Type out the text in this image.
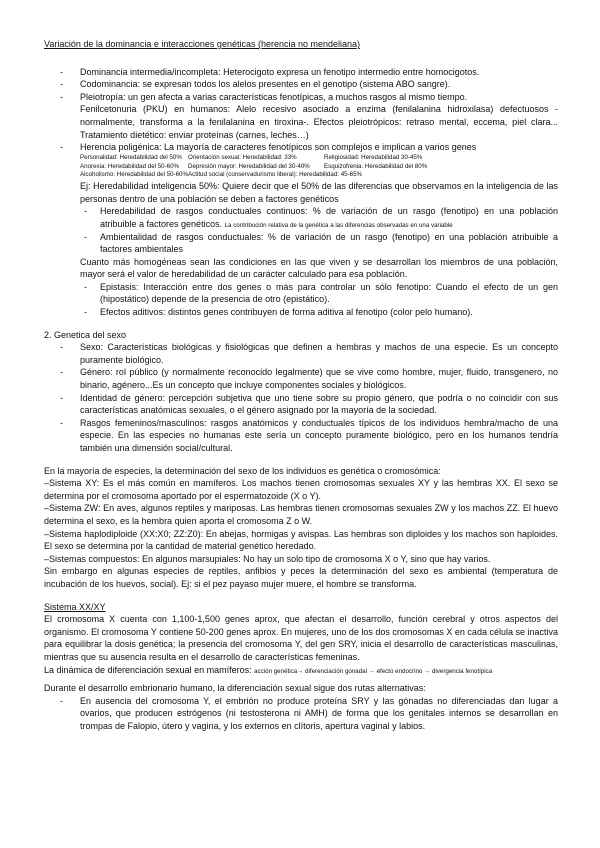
Variación de la dominancia e interacciones genéticas (herencia no mendeliana)

- Dominancia intermedia/incompleta: Heterocigoto expresa un fenotipo intermedio entre homocigotos.
- Codominancia: se expresan todos los alelos presentes en el genotipo (sistema ABO sangre).
- Pleiotropía: un gen afecta a varias características fenotípicas, a muchos rasgos al mismo tiempo.
Fenilcetonuria (PKU) en humanos: Alelo recesivo asociado a enzima (fenilalanina hidroxilasa) defectuosos -normalmente, transforma a la fenilalanina en tiroxina-. Efectos pleiotrópicos: retraso mental, eccema, piel clara... Tratamiento dietético: enviar proteínas (carnes, leches…)
- Herencia poligénica: La mayoría de caracteres fenotípicos son complejos e implican a varios genes
Personalidad: Heredabilidad del 50% Orientación sexual: Heredabilidad: 33%	Religiosidad: Heredabilidad 30-45%
Anorexia: Heredabilidad del 50-60%	Depresión mayor: Heredabilidad del 30-40%	Esquizofrenia: Heredabilidad del 80%
Alcoholismo: Heredabilidad del 50-60% Actitud social (conservadurismo liberal): Heredabilidad: 45-65%

Ej: Heredabilidad inteligencia 50%: Quiere decir que el 50% de las diferencias que observamos en la inteligencia de las personas dentro de una población se deben a factores genéticos

- Heredabilidad de rasgos conductuales continuos: % de variación de un rasgo (fenotipo) en una población atribuible a factores genéticos. La contribución relativa de la genética a las diferencias observadas en una variable
- Ambientalidad de rasgos conductuales: % de variación de un rasgo (fenotipo) en una población atribuible a factores ambientales

Cuanto más homogéneas sean las condiciones en las que viven y se desarrollan los miembros de una población, mayor será el valor de heredabilidad de un carácter calculado para esa población.

- Epistasis: Interacción entre dos genes o más para controlar un sólo fenotipo: Cuando el efecto de un gen (hipostático) depende de la presencia de otro (epistático).
- Efectos aditivos: distintos genes contribuyen de forma aditiva al fenotipo (color pelo humano).

2. Genetica del sexo

- Sexo: Características biológicas y fisiológicas que definen a hembras y machos de una especie. Es un concepto puramente biológico.
- Género: rol público (y normalmente reconocido legalmente) que se vive como hombre, mujer, fluido, transgenero, no binario, agénero...Es un concepto que incluye componentes sociales y biológicos.
- Identidad de género: percepción subjetiva que uno tiene sobre su propio género, que podría o no coincidir con sus características anatómicas sexuales, o el género asignado por la mayoría de la sociedad.
- Rasgos femeninos/masculinos: rasgos anatómicos y conductuales típicos de los individuos hembra/macho de una especie. En las especies no humanas este sería un concepto puramente biológico, pero en los humanos tendría también una dimensión social/cultural.

En la mayoría de especies, la determinación del sexo de los individuos es genética o cromosómica:

–Sistema XY: Es el más común en mamíferos. Los machos tienen cromosomas sexuales XY y las hembras XX. El sexo se determina por el cromosoma aportado por el espermatozoide (X o Y).

–Sistema ZW: En aves, algunos reptiles y mariposas. Las hembras tienen cromosomas sexuales ZW y los machos ZZ. El huevo determina el sexo, es la hembra quien aporta el cromosoma Z o W.

–Sistema haplodiploide (XX:X0; ZZ:Z0): En abejas, hormigas y avispas. Las hembras son diploides y los machos son haploides. El sexo se determina por la cantidad de material genético heredado.

–Sistemas compuestos: En algunos marsupiales: No hay un solo tipo de cromosoma X o Y, sino que hay varios.

Sin embargo en algunas especies de reptiles, anfibios y peces la determinación del sexo es ambiental (temperatura de incubación de los huevos, social). Ej: si el pez payaso mujer muere, el hombre se transforma.

Sistema XX/XY

El cromosoma X cuenta con 1,100-1,500 genes aprox, que afectan el desarrollo, función cerebral y otros aspectos del organismo. El cromosoma Y contiene 50-200 genes aprox. En mujeres, uno de los dos cromosomas X en cada célula se inactiva para equilibrar la dosis genética; la presencia del cromosoma Y, del gen SRY, inicia el desarrollo de características masculinas, mientras que su ausencia resulta en el desarrollo de características femeninas.

La dinámica de diferenciación sexual en mamíferos: acción genética→ diferenciación gonadal → efecto endocrino → divergencia fenotípica

Durante el desarrollo embrionario humano, la diferenciación sexual sigue dos rutas alternativas:

- En ausencia del cromosoma Y, el embrión no produce proteína SRY y las gónadas no diferenciadas dan lugar a ovarios, que producen estrógenos (ni testosterona ni AMH) de forma que los genitales internos se desarrollan en trompas de Falopio, útero y vagina, y los externos en clítoris, apertura vaginal y labios.
